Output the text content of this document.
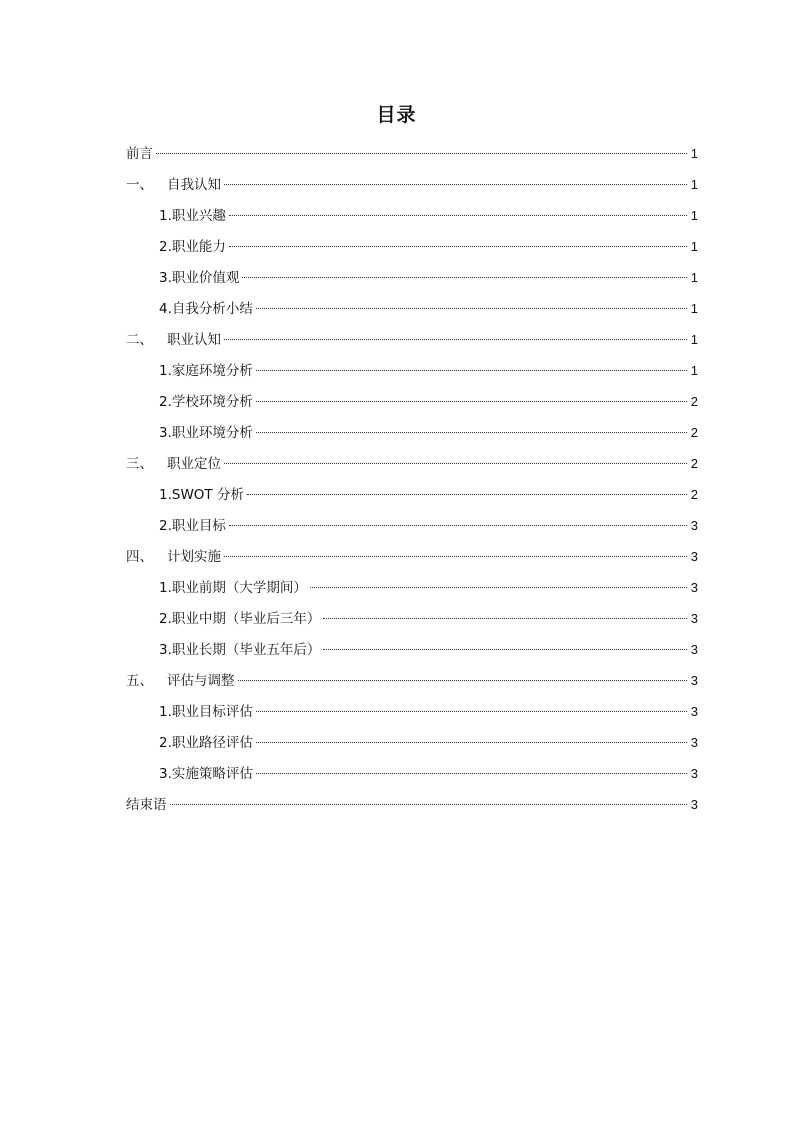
目录
前言	1
一、	自我认知	1
1. 职业兴趣	1
2. 职业能力	1
3. 职业价值观	1
4. 自我分析小结	1
二、	职业认知	1
1. 家庭环境分析	1
2. 学校环境分析	2
3. 职业环境分析	2
三、	职业定位	2
1. SWOT 分析	2
2. 职业目标	3
四、	计划实施	3
1. 职业前期（大学期间）	3
2. 职业中期（毕业后三年）	3
3. 职业长期（毕业五年后）	3
五、	评估与调整	3
1. 职业目标评估	3
2. 职业路径评估	3
3. 实施策略评估	3
结束语	3
